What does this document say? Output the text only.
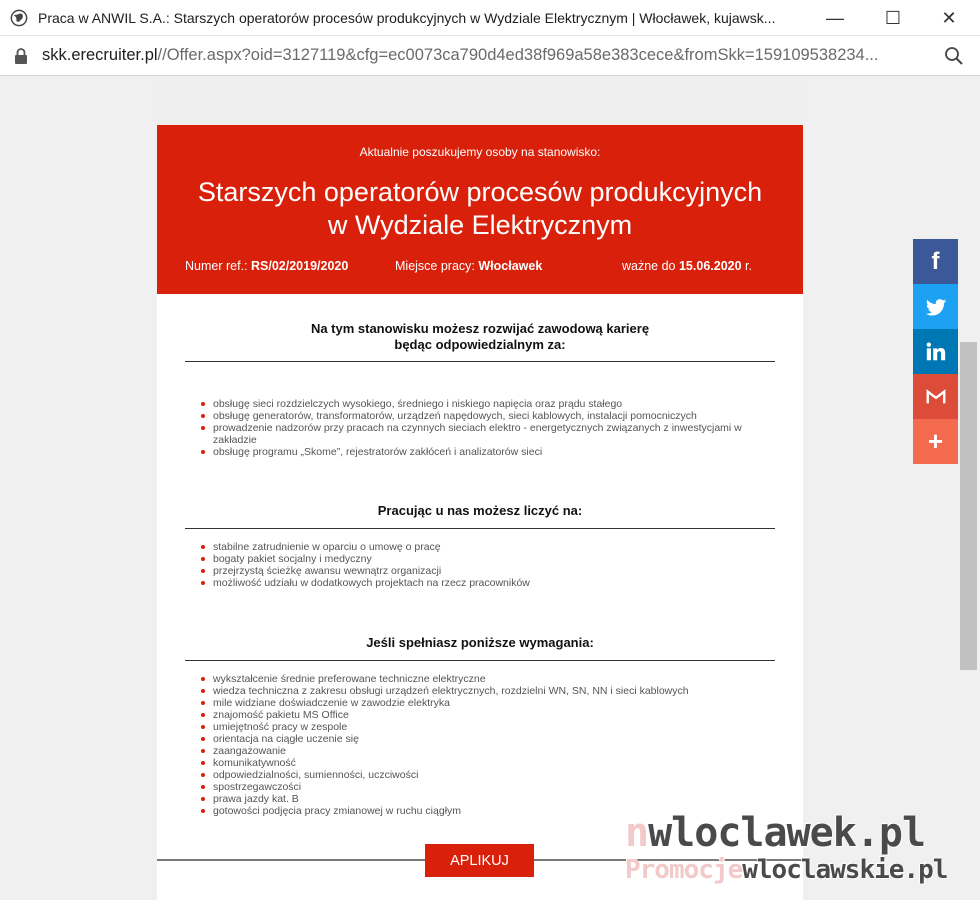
Praca w ANWIL S.A.: Starszych operatorów procesów produkcyjnych w Wydziale Elektrycznym | Włocławek, kujawsk...	— ☐ ✕
skk.erecruiter.pl//Offer.aspx?oid=3127119&cfg=ec0073ca790d4ed38f969a58e383cece&fromSkk=159109538234...
Aktualnie poszukujemy osoby na stanowisko:
Starszych operatorów procesów produkcyjnych
w Wydziale Elektrycznym
Numer ref.: RS/02/2019/2020	Miejsce pracy: Włocławek	ważne do 15.06.2020 r.
Na tym stanowisku możesz rozwijać zawodową karierę
będąc odpowiedzialnym za:
obsługę sieci rozdzielczych wysokiego, średniego i niskiego napięcia oraz prądu stałego
obsługę generatorów, transformatorów, urządzeń napędowych, sieci kablowych, instalacji pomocniczych
prowadzenie nadzorów przy pracach na czynnych sieciach elektro - energetycznych związanych z inwestycjami w zakładzie
obsługę programu „Skome”, rejestratorów zakłóceń i analizatorów sieci
Pracując u nas możesz liczyć na:
stabilne zatrudnienie w oparciu o umowę o pracę
bogaty pakiet socjalny i medyczny
przejrzystą ścieżkę awansu wewnątrz organizacji
możliwość udziału w dodatkowych projektach na rzecz pracowników
Jeśli spełniasz poniższe wymagania:
wykształcenie średnie preferowane techniczne elektryczne
wiedza techniczna z zakresu obsługi urządzeń elektrycznych, rozdzielni WN, SN, NN i sieci kablowych
mile widziane doświadczenie w zawodzie elektryka
znajomość pakietu MS Office
umiejętność pracy w zespole
orientacja na ciągłe uczenie się
zaangażowanie
komunikatywność
odpowiedzialności, sumienności, uczciwości
spostrzegawczości
prawa jazdy kat. B
gotowości podjęcia pracy zmianowej w ruchu ciągłym
APLIKUJ
f
+
nwloclawek.pl
Promocjewloclawskie.pl
